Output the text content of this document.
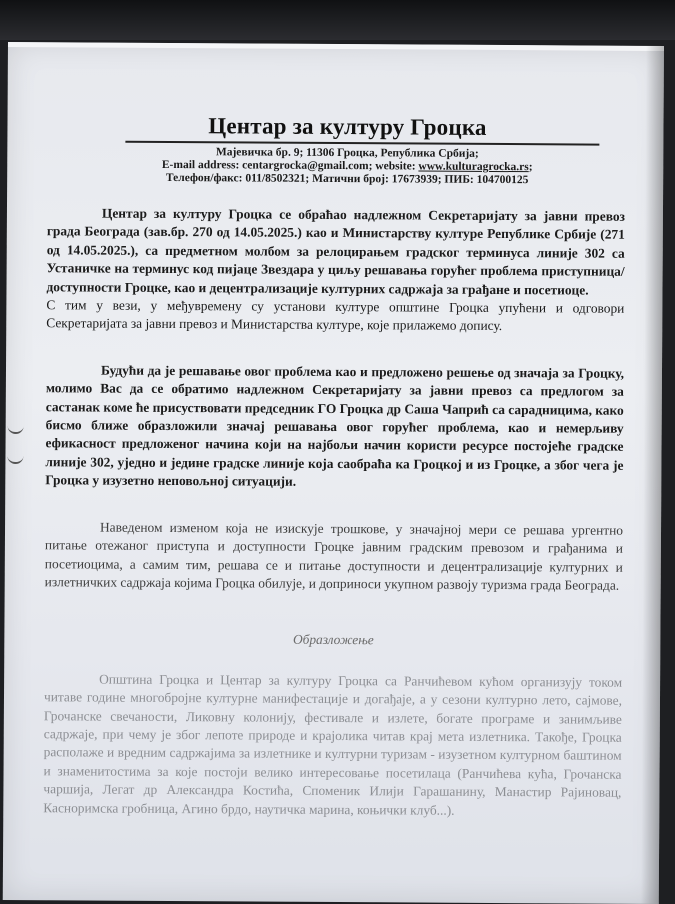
Центар за културу Гроцка
Мајевичка бр. 9; 11306 Гроцка, Република Србија;
E-mail address: centargrocka@gmail.com; website: www.kulturagrocka.rs;
Телефон/факс: 011/8502321; Матични број: 17673939; ПИБ: 104700125

Центар за културу Гроцка се обраћао надлежном Секретаријату за јавни превоз града Београда (зав.бр. 270 од 14.05.2025.) као и Министарству културе Републике Србије (271 од 14.05.2025.), са предметном молбом за релоцирањем градског терминуса линије 302 са Устаничке на терминус код пијаце Звездара у циљу решавања горућег проблема приступница/доступности Гроцке, као и децентрализације културних садржаја за грађане и посетиоце.

С тим у вези, у међувремену су установи културе општине Гроцка упућени и одговори Секретаријата за јавни превоз и Министарства културе, које прилажемо допису.

Будући да је решавање овог проблема као и предложено решење од значаја за Гроцку, молимо Вас да се обратимо надлежном Секретаријату за јавни превоз са предлогом за састанак коме ће присуствовати председник ГО Гроцка др Саша Чапрић са сарадницима, како бисмо ближе образложили значај решавања овог горућег проблема, као и немерљиву ефикасност предложеног начина који на најбољи начин користи ресурсе постојеће градске линије 302, уједно и једине градске линије која саобраћа ка Гроцкој и из Гроцке, а због чега је Гроцка у изузетно неповољној ситуацији.

Наведеном изменом која не изискује трошкове, у значајној мери се решава ургентно питање отежаног приступа и доступности Гроцке јавним градским превозом и грађанима и посетиоцима, а самим тим, решава се и питање доступности и децентрализације културних и излетничких садржаја којима Гроцка обилује, и доприноси укупном развоју туризма града Београда.

Образложење

Општина Гроцка и Центар за културу Гроцка са Ранчићевом кућом организују током читаве године многобројне културне манифестације и догађаје, а у сезони културно лето, сајмове, Грочанске свечаности, Ликовну колонију, фестивале и излете, богате програме и занимљиве садржаје, при чему је због лепоте природе и крајолика читав крај мета излетника. Такође, Гроцка располаже и вредним садржајима за излетнике и културни туризам - изузетном културном баштином и знаменитостима за које постоји велико интересовање посетилаца (Ранчићева кућа, Грочанска чаршија, Легат др Александра Костића, Споменик Илији Гарашанину, Манастир Рајиновац, Касноримска гробница, Агино брдо, наутичка марина, коњички клуб...).
